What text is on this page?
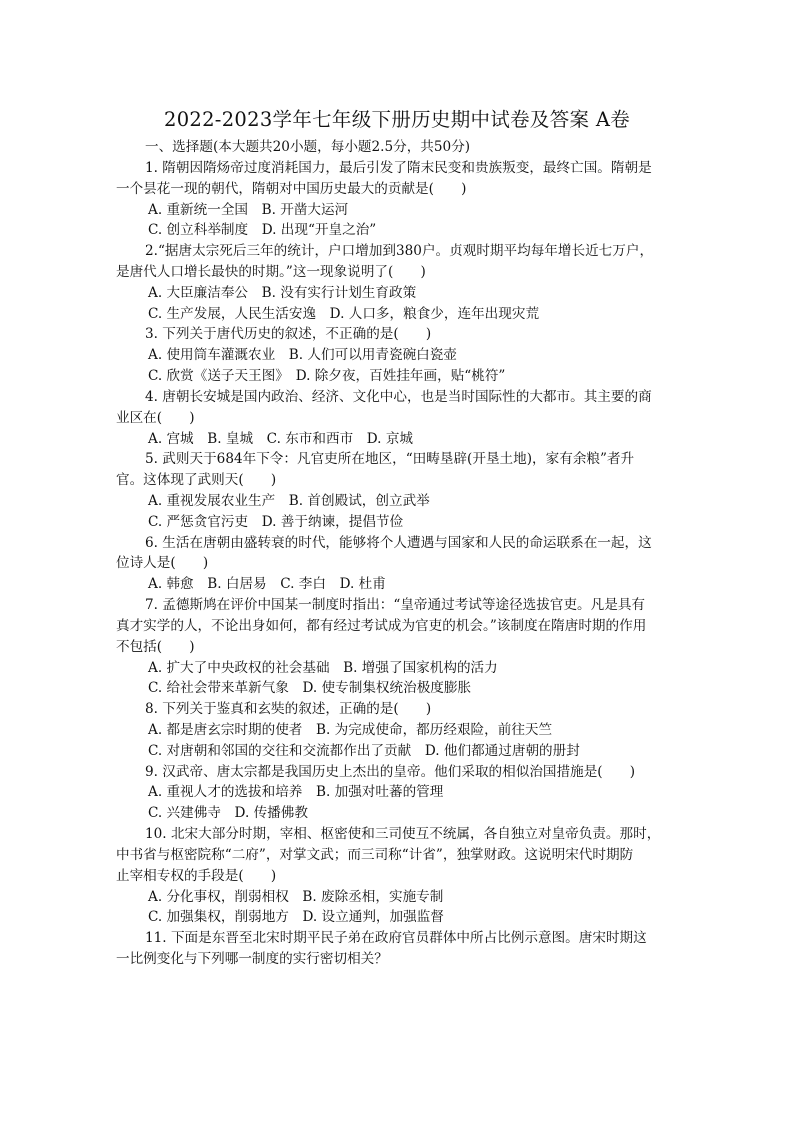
2022-2023学年七年级下册历史期中试卷及答案 A卷
一、选择题(本大题共20小题，每小题2.5分，共50分)
1. 隋朝因隋炀帝过度消耗国力，最后引发了隋末民变和贵族叛变，最终亡国。隋朝是
一个昙花一现的朝代，隋朝对中国历史最大的贡献是(　　)
A. 重新统一全国　B. 开凿大运河
C. 创立科举制度　D. 出现“开皇之治”
2.“据唐太宗死后三年的统计，户口增加到380户。贞观时期平均每年增长近七万户，
是唐代人口增长最快的时期。”这一现象说明了(　　)
A. 大臣廉洁奉公　B. 没有实行计划生育政策
C. 生产发展，人民生活安逸　D. 人口多，粮食少，连年出现灾荒
3. 下列关于唐代历史的叙述，不正确的是(　　)
A. 使用筒车灌溉农业　B. 人们可以用青瓷碗白瓷壶
C. 欣赏《送子天王图》　D. 除夕夜，百姓挂年画，贴“桃符”
4. 唐朝长安城是国内政治、经济、文化中心，也是当时国际性的大都市。其主要的商
业区在(　　)
A. 宫城　B. 皇城　C. 东市和西市　D. 京城
5. 武则天于684年下令：凡官吏所在地区，“田畴垦辟(开垦土地)，家有余粮”者升
官。这体现了武则天(　　)
A. 重视发展农业生产　B. 首创殿试，创立武举
C. 严惩贪官污吏　D. 善于纳谏，提倡节俭
6. 生活在唐朝由盛转衰的时代，能够将个人遭遇与国家和人民的命运联系在一起，这
位诗人是(　　)
A. 韩愈　B. 白居易　C. 李白　D. 杜甫
7. 孟德斯鸠在评价中国某一制度时指出：“皇帝通过考试等途径选拔官吏。凡是具有
真才实学的人，不论出身如何，都有经过考试成为官吏的机会。”该制度在隋唐时期的作用
不包括(　　)
A. 扩大了中央政权的社会基础　B. 增强了国家机构的活力
C. 给社会带来革新气象　D. 使专制集权统治极度膨胀
8. 下列关于鉴真和玄奘的叙述，正确的是(　　)
A. 都是唐玄宗时期的使者　B. 为完成使命，都历经艰险，前往天竺
C. 对唐朝和邻国的交往和交流都作出了贡献　D. 他们都通过唐朝的册封
9. 汉武帝、唐太宗都是我国历史上杰出的皇帝。他们采取的相似治国措施是(　　)
A. 重视人才的选拔和培养　B. 加强对吐蕃的管理
C. 兴建佛寺　D. 传播佛教
10. 北宋大部分时期，宰相、枢密使和三司使互不统属，各自独立对皇帝负责。那时，
中书省与枢密院称“二府”，对掌文武；而三司称“计省”，独掌财政。这说明宋代时期防
止宰相专权的手段是(　　)
A. 分化事权，削弱相权　B. 废除丞相，实施专制
C. 加强集权，削弱地方　D. 设立通判，加强监督
11. 下面是东晋至北宋时期平民子弟在政府官员群体中所占比例示意图。唐宋时期这
一比例变化与下列哪一制度的实行密切相关？
